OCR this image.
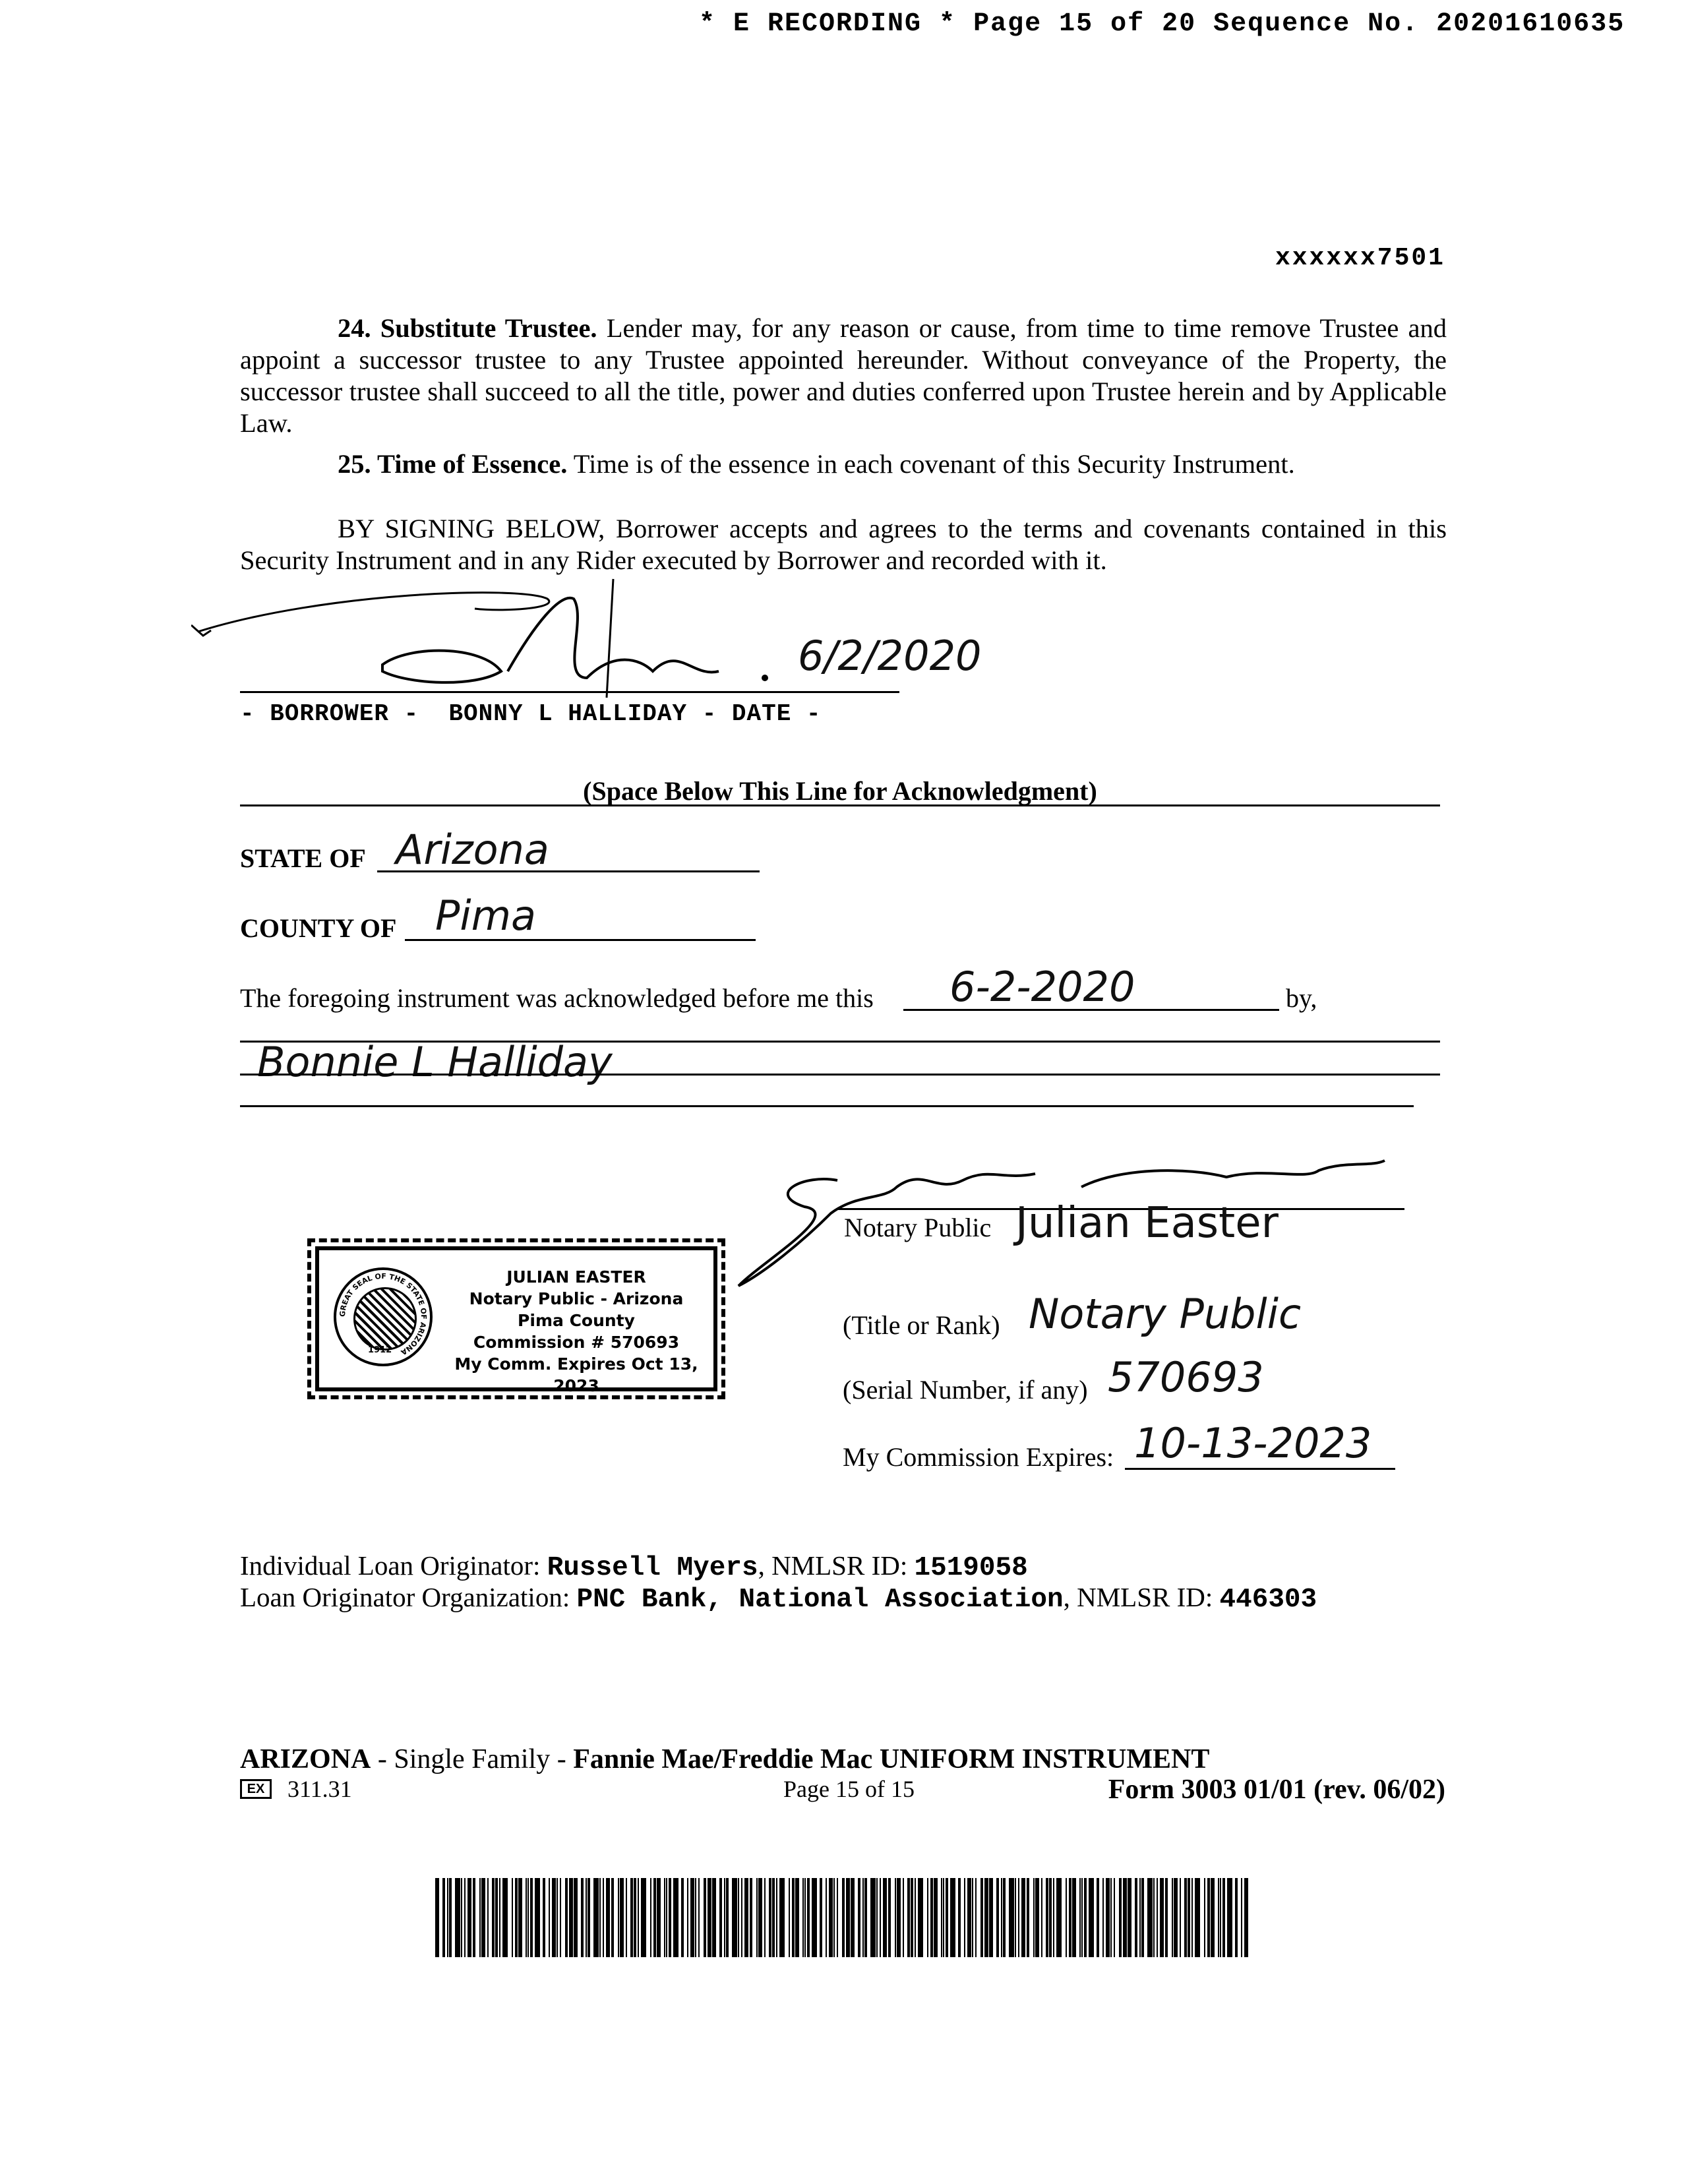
* E RECORDING * Page 15 of 20 Sequence No. 20201610635
xxxxxx7501

24. Substitute Trustee. Lender may, for any reason or cause, from time to time remove Trustee and appoint a successor trustee to any Trustee appointed hereunder. Without conveyance of the Property, the successor trustee shall succeed to all the title, power and duties conferred upon Trustee herein and by Applicable Law.

25. Time of Essence. Time is of the essence in each covenant of this Security Instrument.

BY SIGNING BELOW, Borrower accepts and agrees to the terms and covenants contained in this Security Instrument and in any Rider executed by Borrower and recorded with it.

6/2/2020
- BORROWER -  BONNY L HALLIDAY - DATE -
(Space Below This Line for Acknowledgment)
STATE OF Arizona
COUNTY OF Pima
The foregoing instrument was acknowledged before me this 6-2-2020	by,
Bonnie L Halliday
Notary Public Julian Easter
(Title or Rank) Notary Public
(Serial Number, if any) 570693
My Commission Expires: 10-13-2023
GREAT SEAL OF THE STATE OF ARIZONA
1912
JULIAN EASTER
Notary Public - Arizona
Pima County
Commission # 570693
My Comm. Expires Oct 13, 2023
Individual Loan Originator: Russell Myers, NMLSR ID: 1519058
Loan Originator Organization: PNC Bank, National Association, NMLSR ID: 446303
ARIZONA - Single Family - Fannie Mae/Freddie Mac UNIFORM INSTRUMENT
EX 311.31	Page 15 of 15	Form 3003 01/01 (rev. 06/02)
